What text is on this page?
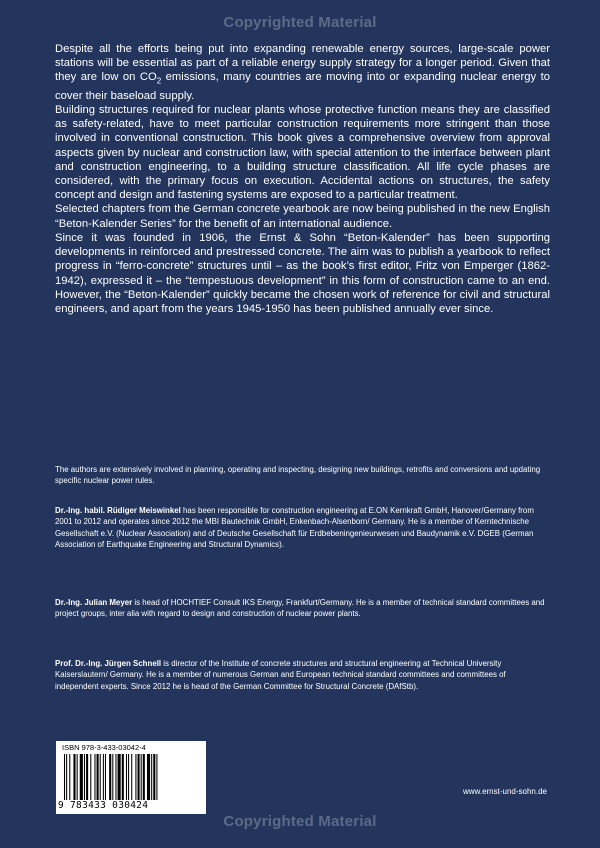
Copyrighted Material

Despite all the efforts being put into expanding renewable energy sources, large-scale power stations will be essential as part of a reliable energy supply strategy for a longer period. Given that they are low on $CO_2$ emissions, many countries are moving into or expanding nuclear energy to cover their baseload supply.

Building structures required for nuclear plants whose protective function means they are classified as safety-related, have to meet particular construction requirements more stringent than those involved in conventional construction. This book gives a comprehensive overview from approval aspects given by nuclear and construction law, with special attention to the interface between plant and construction engineering, to a building structure classification. All life cycle phases are considered, with the primary focus on execution. Accidental actions on structures, the safety concept and design and fastening systems are exposed to a particular treatment.

Selected chapters from the German concrete yearbook are now being published in the new English “Beton-Kalender Series” for the benefit of an international audience.

Since it was founded in 1906, the Ernst & Sohn “Beton-Kalender” has been supporting developments in reinforced and prestressed concrete. The aim was to publish a yearbook to reflect progress in “ferro-concrete” structures until – as the book’s first editor, Fritz von Emperger (1862-1942), expressed it – the “tempestuous development” in this form of construction came to an end. However, the “Beton-Kalender” quickly became the chosen work of reference for civil and structural engineers, and apart from the years 1945-1950 has been published annually ever since.

The authors are extensively involved in planning, operating and inspecting, designing new buildings, retrofits and conversions and updating specific nuclear power rules.

Dr.-Ing. habil. Rüdiger Meiswinkel has been responsible for construction engineering at E.ON Kernkraft GmbH, Hanover/Germany from 2001 to 2012 and operates since 2012 the MBI Bautechnik GmbH, Enkenbach-Alsenborn/ Germany. He is a member of Kerntechnische Gesellschaft e.V. (Nuclear Association) and of Deutsche Gesellschaft für Erdbebeningenieurwesen und Baudynamik e.V. DGEB (German Association of Earthquake Engineering and Structural Dynamics).

Dr.-Ing. Julian Meyer is head of HOCHTIEF Consult IKS Energy, Frankfurt/Germany. He is a member of technical standard committees and project groups, inter alia with regard to design and construction of nuclear power plants.

Prof. Dr.-Ing. Jürgen Schnell is director of the Institute of concrete structures and structural engineering at Technical University Kaiserslautern/ Germany. He is a member of numerous German and European technical standard committees and committees of independent experts. Since 2012 he is head of the German Committee for Structural Concrete (DAfStb).

ISBN 978-3-433-03042-4
9 783433 030424
www.ernst-und-sohn.de
Copyrighted Material
